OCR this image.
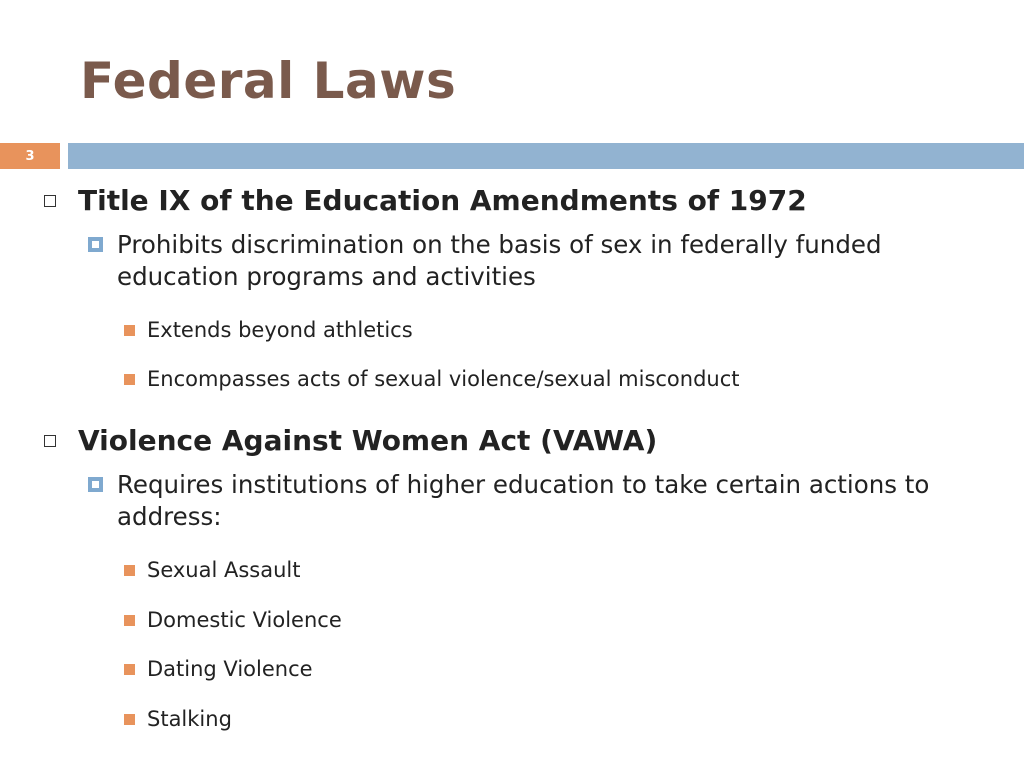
Federal Laws
3
Title IX of the Education Amendments of 1972
Prohibits discrimination on the basis of sex in federally funded education programs and activities
Extends beyond athletics
Encompasses acts of sexual violence/sexual misconduct
Violence Against Women Act (VAWA)
Requires institutions of higher education to take certain actions to address:
Sexual Assault
Domestic Violence
Dating Violence
Stalking
